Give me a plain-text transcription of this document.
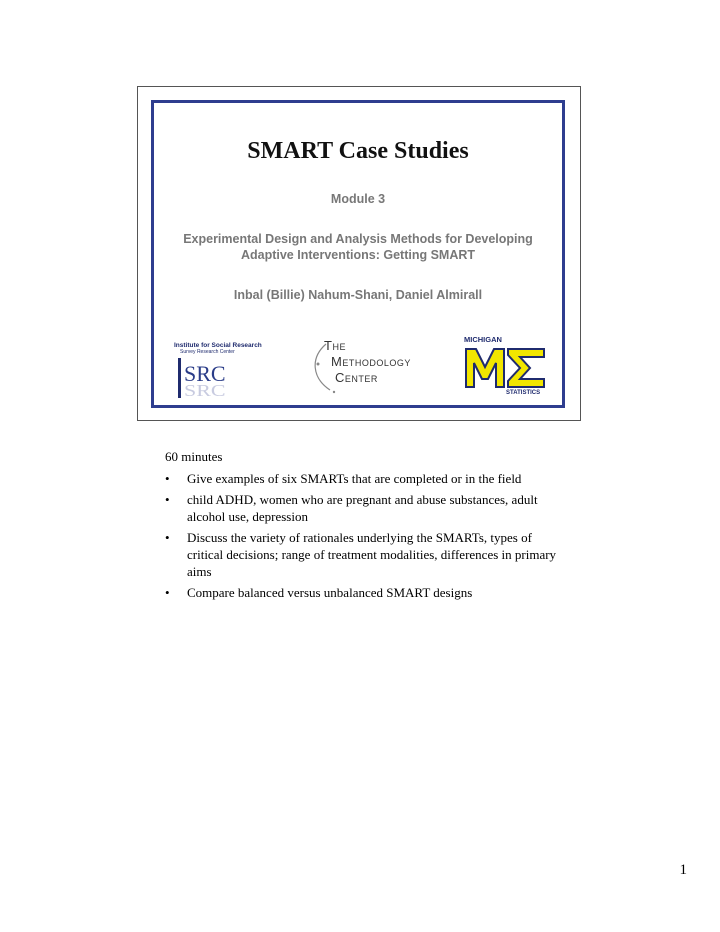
SMART Case Studies
Module 3
Experimental Design and Analysis Methods for Developing
Adaptive Interventions: Getting SMART
Inbal (Billie) Nahum-Shani, Daniel Almirall
Institute for Social Research
Survey Research Center
SRC
SRC
THE
METHODOLOGY
CENTER
MICHIGAN
STATISTICS
60 minutes
• Give examples of six SMARTs that are completed or in the field
• child ADHD, women who are pregnant and abuse substances, adult
alcohol use, depression
• Discuss the variety of rationales underlying the SMARTs, types of
critical decisions; range of treatment modalities, differences in primary
aims
• Compare balanced versus unbalanced SMART designs
1
